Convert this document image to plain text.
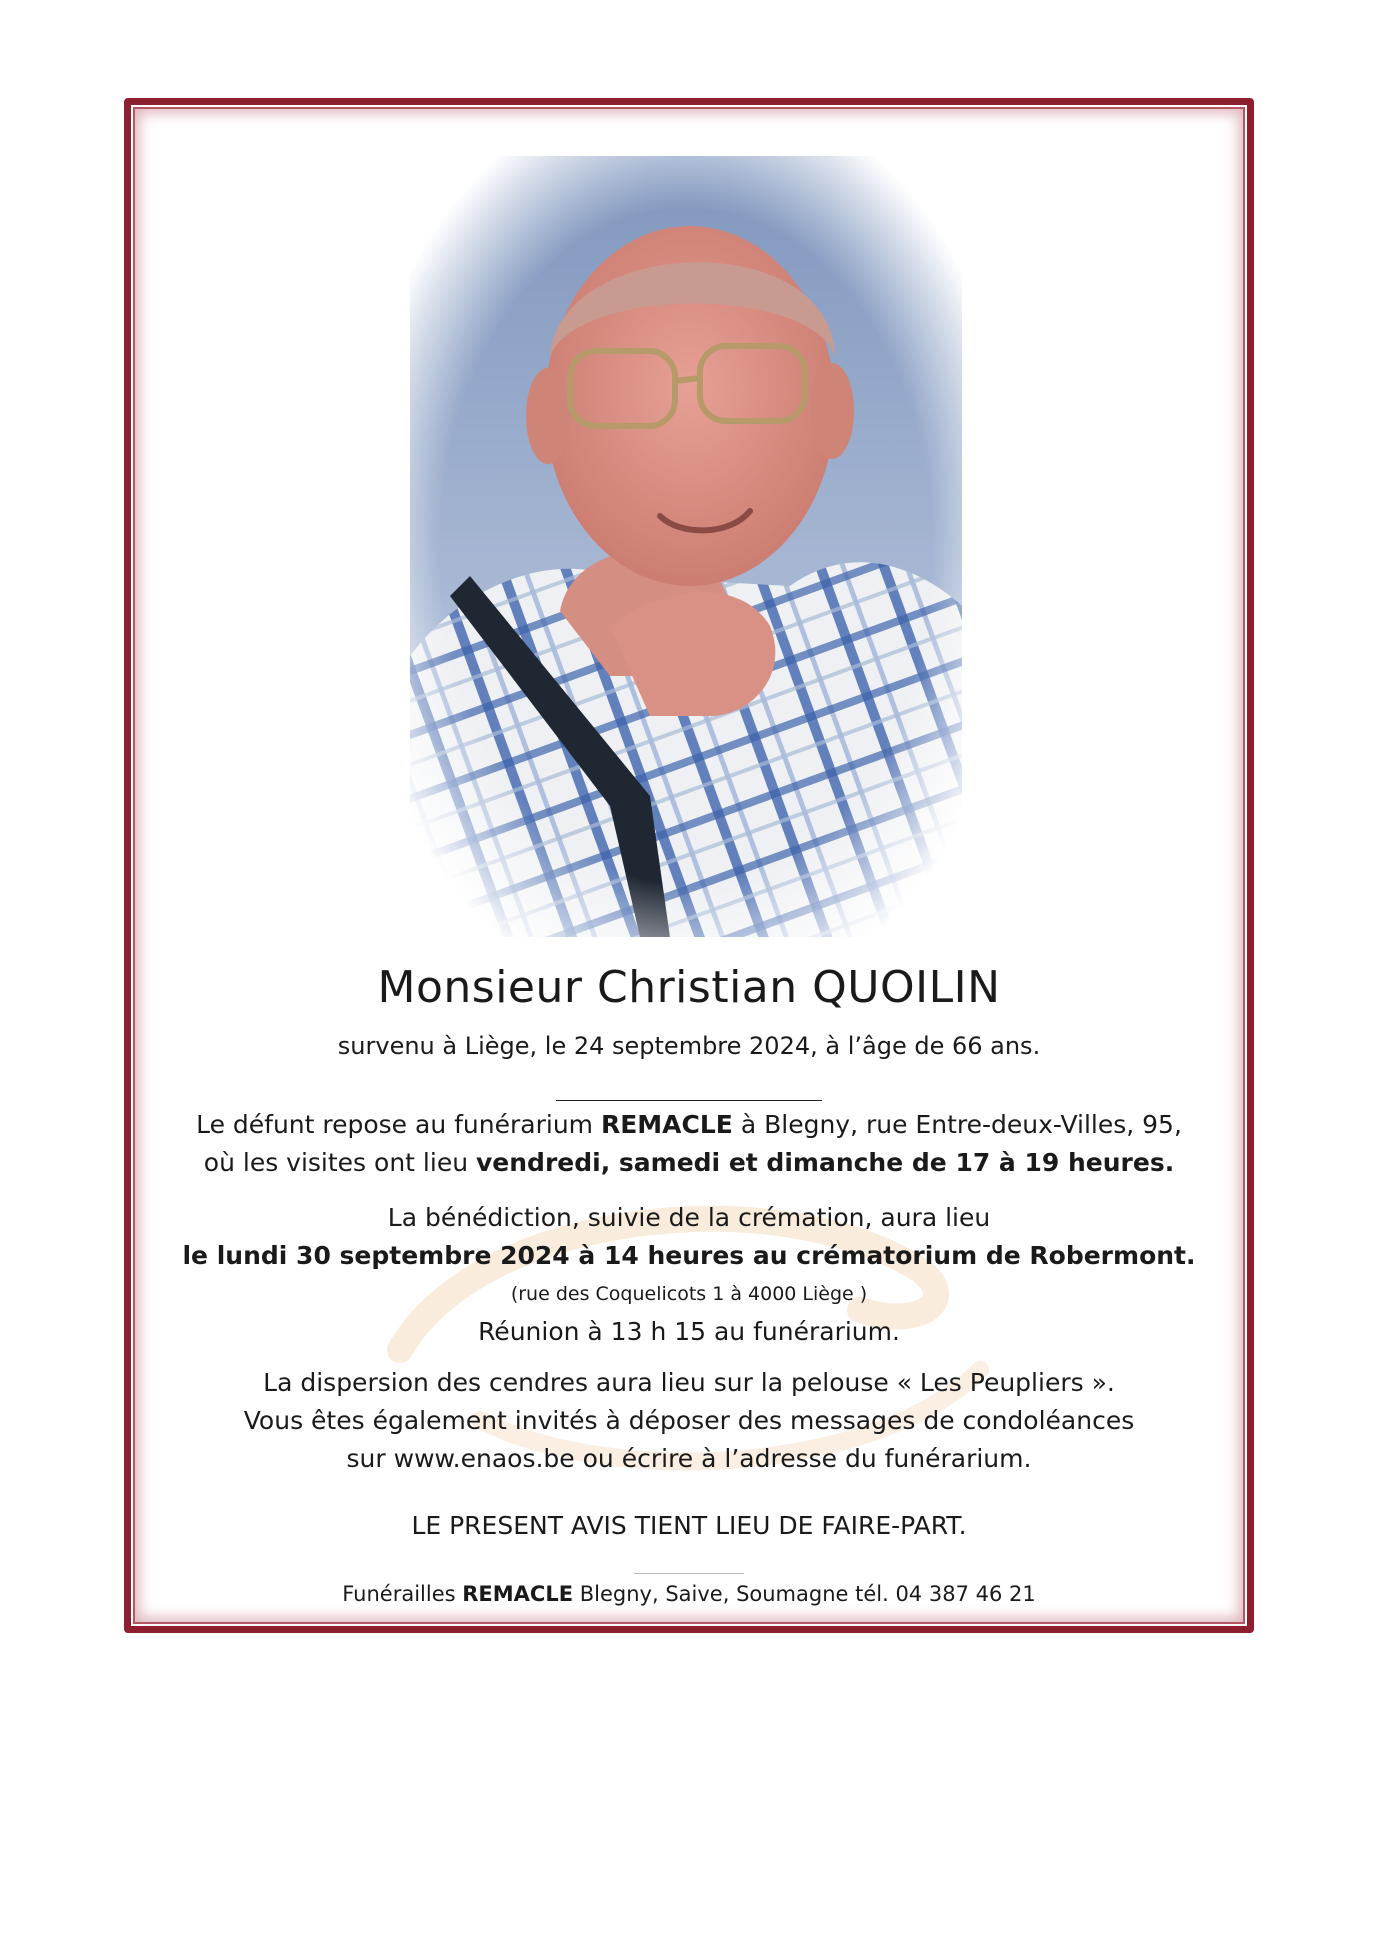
Monsieur Christian QUOILIN
survenu à Liège, le 24 septembre 2024, à l’âge de 66 ans.
Le défunt repose au funérarium REMACLE à Blegny, rue Entre-deux-Villes, 95,
où les visites ont lieu vendredi, samedi et dimanche de 17 à 19 heures.
La bénédiction, suivie de la crémation, aura lieu
le lundi 30 septembre 2024 à 14 heures au crématorium de Robermont.
(rue des Coquelicots 1 à 4000 Liège )
Réunion à 13 h 15 au funérarium.
La dispersion des cendres aura lieu sur la pelouse « Les Peupliers ».
Vous êtes également invités à déposer des messages de condoléances
sur www.enaos.be ou écrire à l’adresse du funérarium.
LE PRESENT AVIS TIENT LIEU DE FAIRE-PART.
Funérailles REMACLE Blegny, Saive, Soumagne tél. 04 387 46 21
